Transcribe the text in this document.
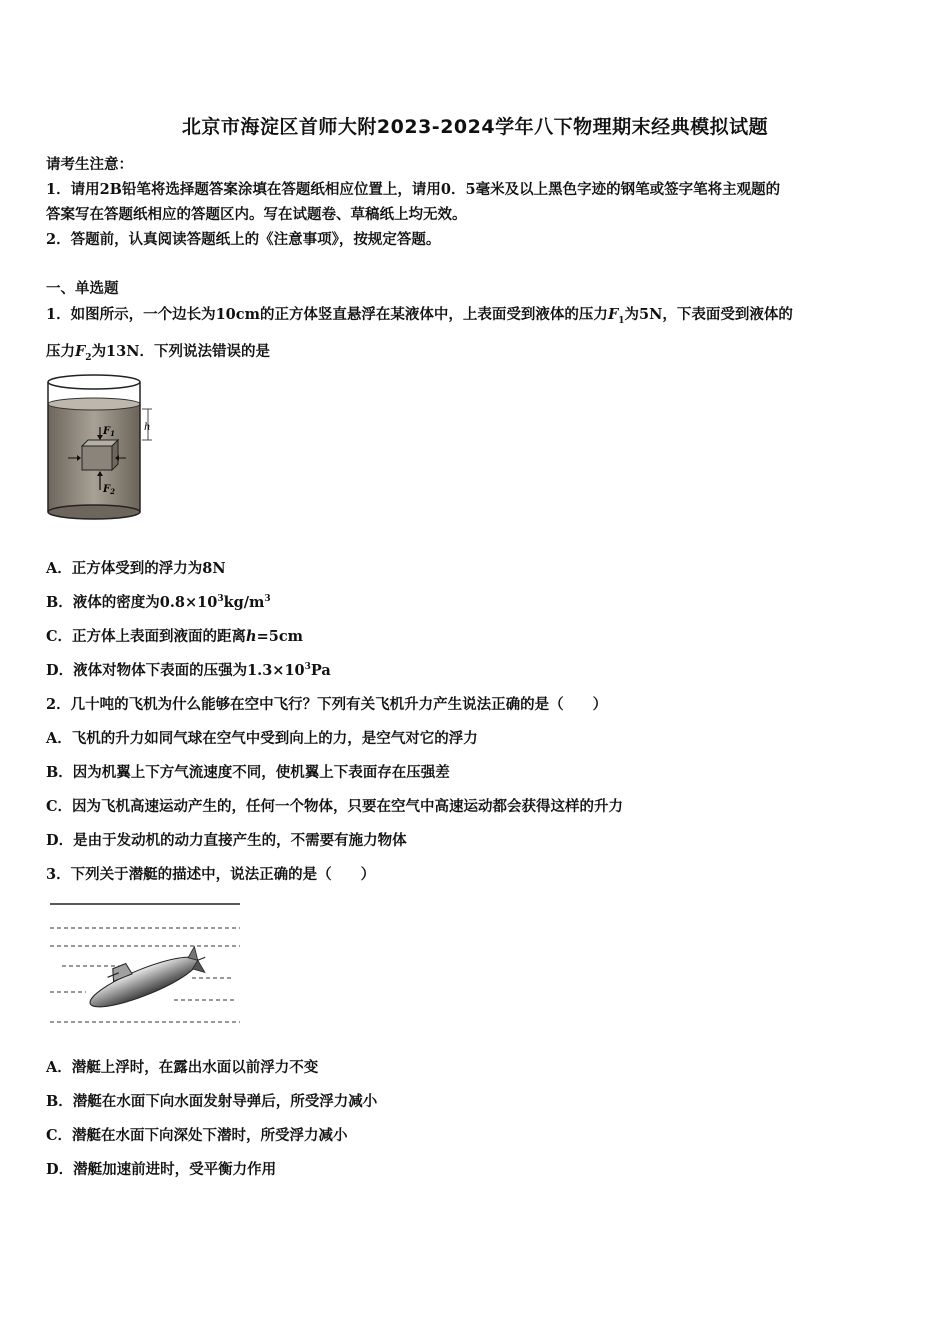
北京市海淀区首师大附2023-2024学年八下物理期末经典模拟试题
请考生注意：
1．请用2B铅笔将选择题答案涂填在答题纸相应位置上，请用0．5毫米及以上黑色字迹的钢笔或签字笔将主观题的
答案写在答题纸相应的答题区内。写在试题卷、草稿纸上均无效。
2．答题前，认真阅读答题纸上的《注意事项》，按规定答题。
一、单选题
1．如图所示，一个边长为10cm的正方体竖直悬浮在某液体中，上表面受到液体的压力$F_1$为5N，下表面受到液体的
压力$F_2$为13N．下列说法错误的是
$F_1$
$F_2$
h
A．正方体受到的浮力为8N
B．液体的密度为$0.8\times 10^3kg/m^3$
C．正方体上表面到液面的距离h=5cm
D．液体对物体下表面的压强为$1.3\times 10^3Pa$
2．几十吨的飞机为什么能够在空中飞行？下列有关飞机升力产生说法正确的是（　　）
A．飞机的升力如同气球在空气中受到向上的力，是空气对它的浮力
B．因为机翼上下方气流速度不同，使机翼上下表面存在压强差
C．因为飞机高速运动产生的，任何一个物体，只要在空气中高速运动都会获得这样的升力
D．是由于发动机的动力直接产生的，不需要有施力物体
3．下列关于潜艇的描述中，说法正确的是（　　）
A．潜艇上浮时，在露出水面以前浮力不变
B．潜艇在水面下向水面发射导弹后，所受浮力减小
C．潜艇在水面下向深处下潜时，所受浮力减小
D．潜艇加速前进时，受平衡力作用
